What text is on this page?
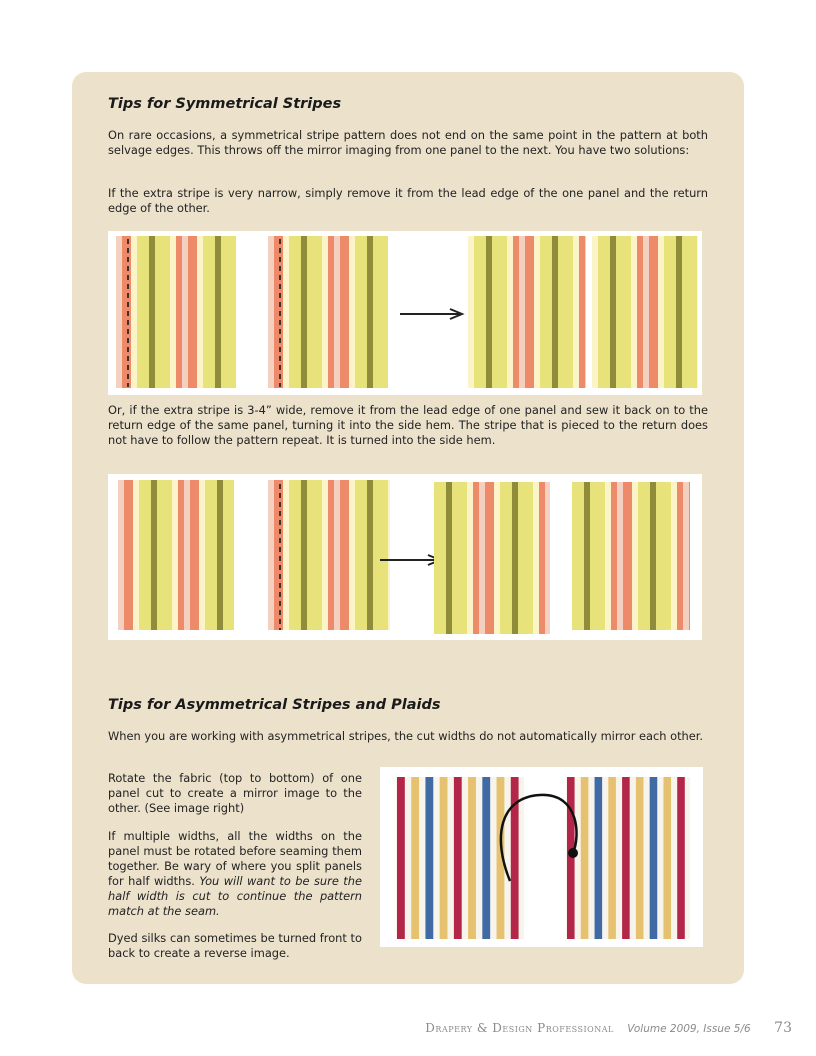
Tips for Symmetrical Stripes

On rare occasions, a symmetrical stripe pattern does not end on the same point in the pattern at both selvage edges. This throws off the mirror imaging from one panel to the next. You have two solutions:

If the extra stripe is very narrow, simply remove it from the lead edge of the one panel and the return edge of the other.

Or, if the extra stripe is 3-4” wide, remove it from the lead edge of one panel and sew it back on to the return edge of the same panel, turning it into the side hem. The stripe that is pieced to the return does not have to follow the pattern repeat. It is turned into the side hem.

Tips for Asymmetrical Stripes and Plaids

When you are working with asymmetrical stripes, the cut widths do not automatically mirror each other.

Rotate the fabric (top to bottom) of one panel cut to create a mirror image to the other. (See image right)

If multiple widths, all the widths on the panel must be rotated before seaming them together. Be wary of where you split panels for half widths. You will want to be sure the half width is cut to continue the pattern match at the seam.

Dyed silks can sometimes be turned front to back to create a reverse image.

Drapery & Design Professional Volume 2009, Issue 5/6 73
